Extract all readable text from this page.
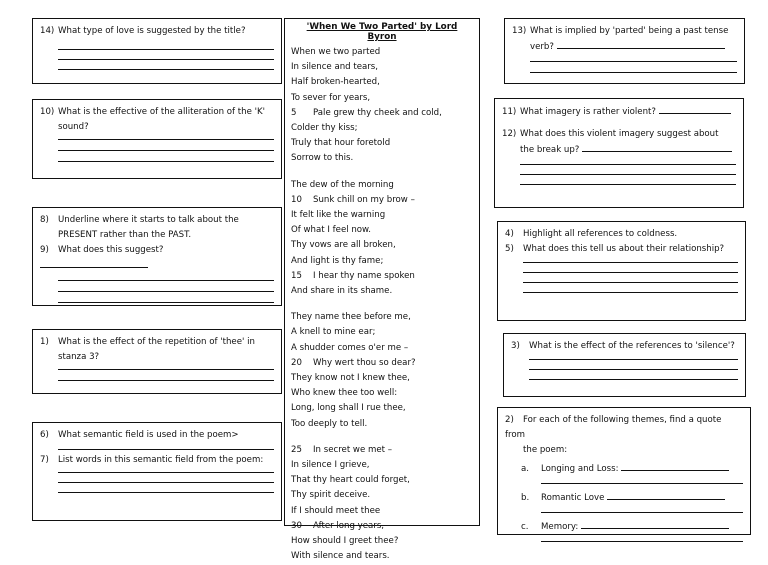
14) What type of love is suggested by the title?

10) What is the effective of the alliteration of the 'K'

sound?

8) Underline where it starts to talk about the

PRESENT rather than the PAST.

9) What does this suggest?

1) What is the effect of the repetition of 'thee' in

stanza 3?

6) What semantic field is used in the poem>

7) List words in this semantic field from the poem:

'When We Two Parted' by Lord Byron
When we two parted
In silence and tears,
Half broken-hearted,
To sever for years,
5 Pale grew thy cheek and cold,
Colder thy kiss;
Truly that hour foretold
Sorrow to this.
The dew of the morning
10 Sunk chill on my brow –
It felt like the warning
Of what I feel now.
Thy vows are all broken,
And light is thy fame;
15 I hear thy name spoken
And share in its shame.
They name thee before me,
A knell to mine ear;
A shudder comes o'er me –
20 Why wert thou so dear?
They know not I knew thee,
Who knew thee too well:
Long, long shall I rue thee,
Too deeply to tell.
25 In secret we met –
In silence I grieve,
That thy heart could forget,
Thy spirit deceive.
If I should meet thee
30 After long years,
How should I greet thee?
With silence and tears.

13) What is implied by 'parted' being a past tense

verb?

11) What imagery is rather violent?

12) What does this violent imagery suggest about

the break up?

4) Highlight all references to coldness.

5) What does this tell us about their relationship?

3) What is the effect of the references to 'silence'?

2) For each of the following themes, find a quote from

the poem:

a. Longing and Loss:
b. Romantic Love
c. Memory:
